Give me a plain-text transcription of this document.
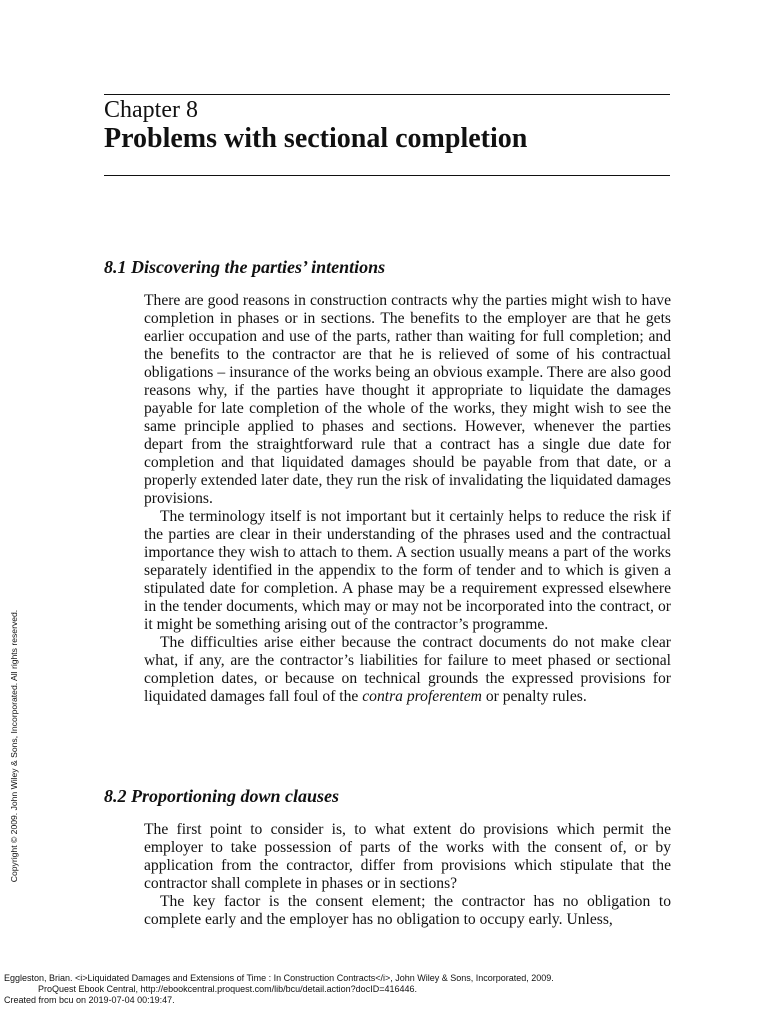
Chapter 8
Problems with sectional completion
8.1 Discovering the parties’ intentions

There are good reasons in construction contracts why the parties might wish to have completion in phases or in sections. The benefits to the employer are that he gets earlier occupation and use of the parts, rather than waiting for full completion; and the benefits to the contractor are that he is relieved of some of his contractual obligations – insurance of the works being an obvious example. There are also good reasons why, if the parties have thought it appropriate to liquidate the damages payable for late completion of the whole of the works, they might wish to see the same principle applied to phases and sections. However, whenever the parties depart from the straightforward rule that a contract has a single due date for completion and that liquidated damages should be payable from that date, or a properly extended later date, they run the risk of invalidating the liquidated damages provisions.

The terminology itself is not important but it certainly helps to reduce the risk if the parties are clear in their understanding of the phrases used and the contractual importance they wish to attach to them. A section usually means a part of the works separately identified in the appendix to the form of tender and to which is given a stipulated date for completion. A phase may be a requirement expressed elsewhere in the tender documents, which may or may not be incorporated into the contract, or it might be something arising out of the contractor’s programme.

The difficulties arise either because the contract documents do not make clear what, if any, are the contractor’s liabilities for failure to meet phased or sectional completion dates, or because on technical grounds the expressed provisions for liquidated damages fall foul of the contra proferentem or penalty rules.

8.2 Proportioning down clauses

The first point to consider is, to what extent do provisions which permit the employer to take possession of parts of the works with the consent of, or by application from the contractor, differ from provisions which stipulate that the contractor shall complete in phases or in sections?

The key factor is the consent element; the contractor has no obligation to complete early and the employer has no obligation to occupy early. Unless,

Copyright © 2009. John Wiley & Sons, Incorporated. All rights reserved.
Eggleston, Brian. <i>Liquidated Damages and Extensions of Time : In Construction Contracts</i>, John Wiley & Sons, Incorporated, 2009.
ProQuest Ebook Central, http://ebookcentral.proquest.com/lib/bcu/detail.action?docID=416446.
Created from bcu on 2019-07-04 00:19:47.
